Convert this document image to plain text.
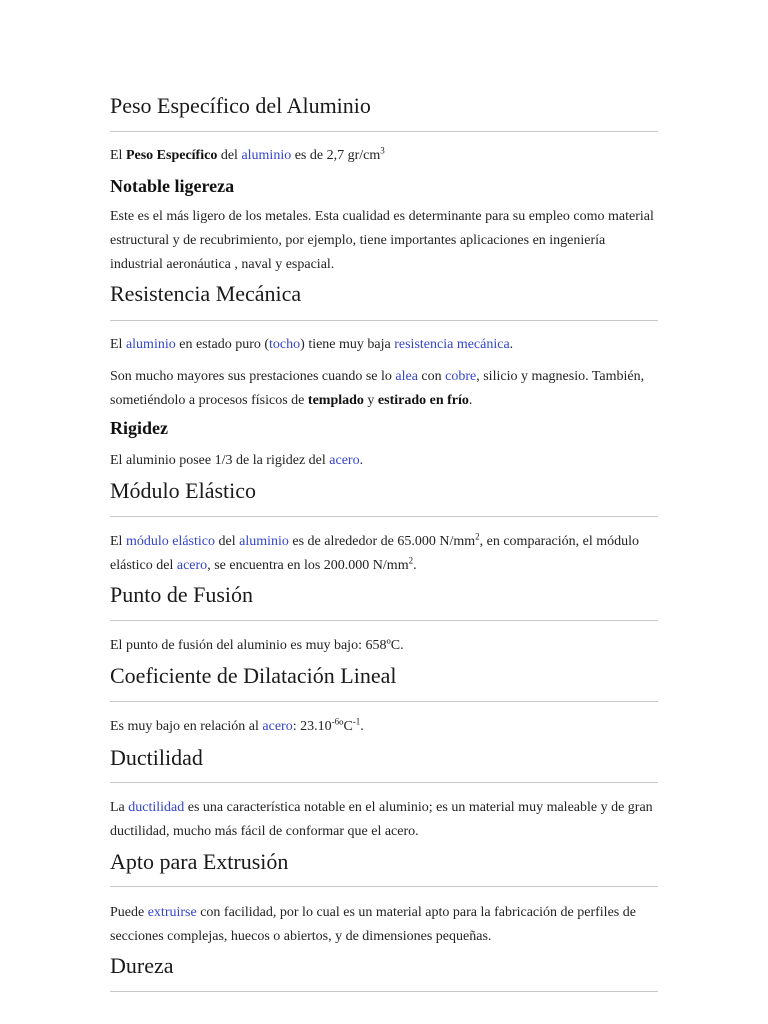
Peso Específico del Aluminio

El Peso Específico del aluminio es de 2,7 $gr/cm^3$

Notable ligereza

Este es el más ligero de los metales. Esta cualidad es determinante para su empleo como material estructural y de recubrimiento, por ejemplo, tiene importantes aplicaciones en ingeniería industrial aeronáutica , naval y espacial.

Resistencia Mecánica

El aluminio en estado puro (tocho) tiene muy baja resistencia mecánica.

Son mucho mayores sus prestaciones cuando se lo alea con cobre, silicio y magnesio. También, sometiéndolo a procesos físicos de templado y estirado en frío.

Rigidez

El aluminio posee 1/3 de la rigidez del acero.

Módulo Elástico

El módulo elástico del aluminio es de alrededor de 65.000 $N/mm^2$, en comparación, el módulo elástico del acero, se encuentra en los 200.000 $N/mm^2$.

Punto de Fusión

El punto de fusión del aluminio es muy bajo: 658ºC.

Coeficiente de Dilatación Lineal

Es muy bajo en relación al acero: $23.10^{-6}ºC^{-1}$.

Ductilidad

La ductilidad es una característica notable en el aluminio; es un material muy maleable y de gran ductilidad, mucho más fácil de conformar que el acero.

Apto para Extrusión

Puede extruirse con facilidad, por lo cual es un material apto para la fabricación de perfiles de secciones complejas, huecos o abiertos, y de dimensiones pequeñas.

Dureza
